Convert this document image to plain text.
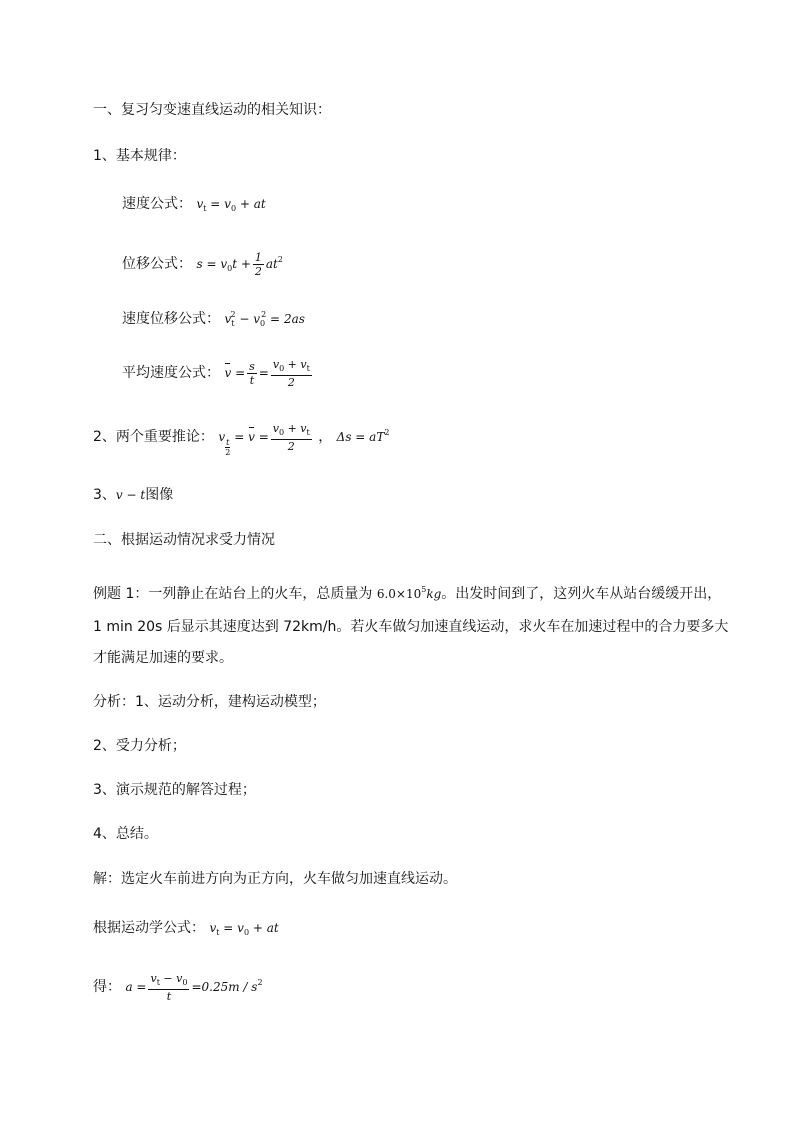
一、复习匀变速直线运动的相关知识：
1、基本规律：
速度公式： $v_t = v_0$ + at
位移公式： $s = v_0t + \frac{1}{2} at^2$
速度位移公式： $v_t^2 - v_0^2 = 2as$
平均速度公式： $v = \frac{s}{t} = \frac{v_0 + v_t}{2}$
2、两个重要推论： v
$\frac{t}{2}$
= $v = \frac{v_0 + v_t}{2}$ ， $\Delta s = aT^2$
3、v − t图像
二、根据运动情况求受力情况
例题 1：一列静止在站台上的火车，总质量为 $6.0\times 10^5kg$。出发时间到了，这列火车从站台缓缓开出，
1 min 20s 后显示其速度达到 72km/h。若火车做匀加速直线运动，求火车在加速过程中的合力要多大
才能满足加速的要求。
分析：1、运动分析，建构运动模型；
2、受力分析；
3、演示规范的解答过程；
4、总结。
解：选定火车前进方向为正方向，火车做匀加速直线运动。
根据运动学公式： $v_t = v_0$ + at
得： $a = \frac{v_t - v_0}{t} =0.25m / s^2$
